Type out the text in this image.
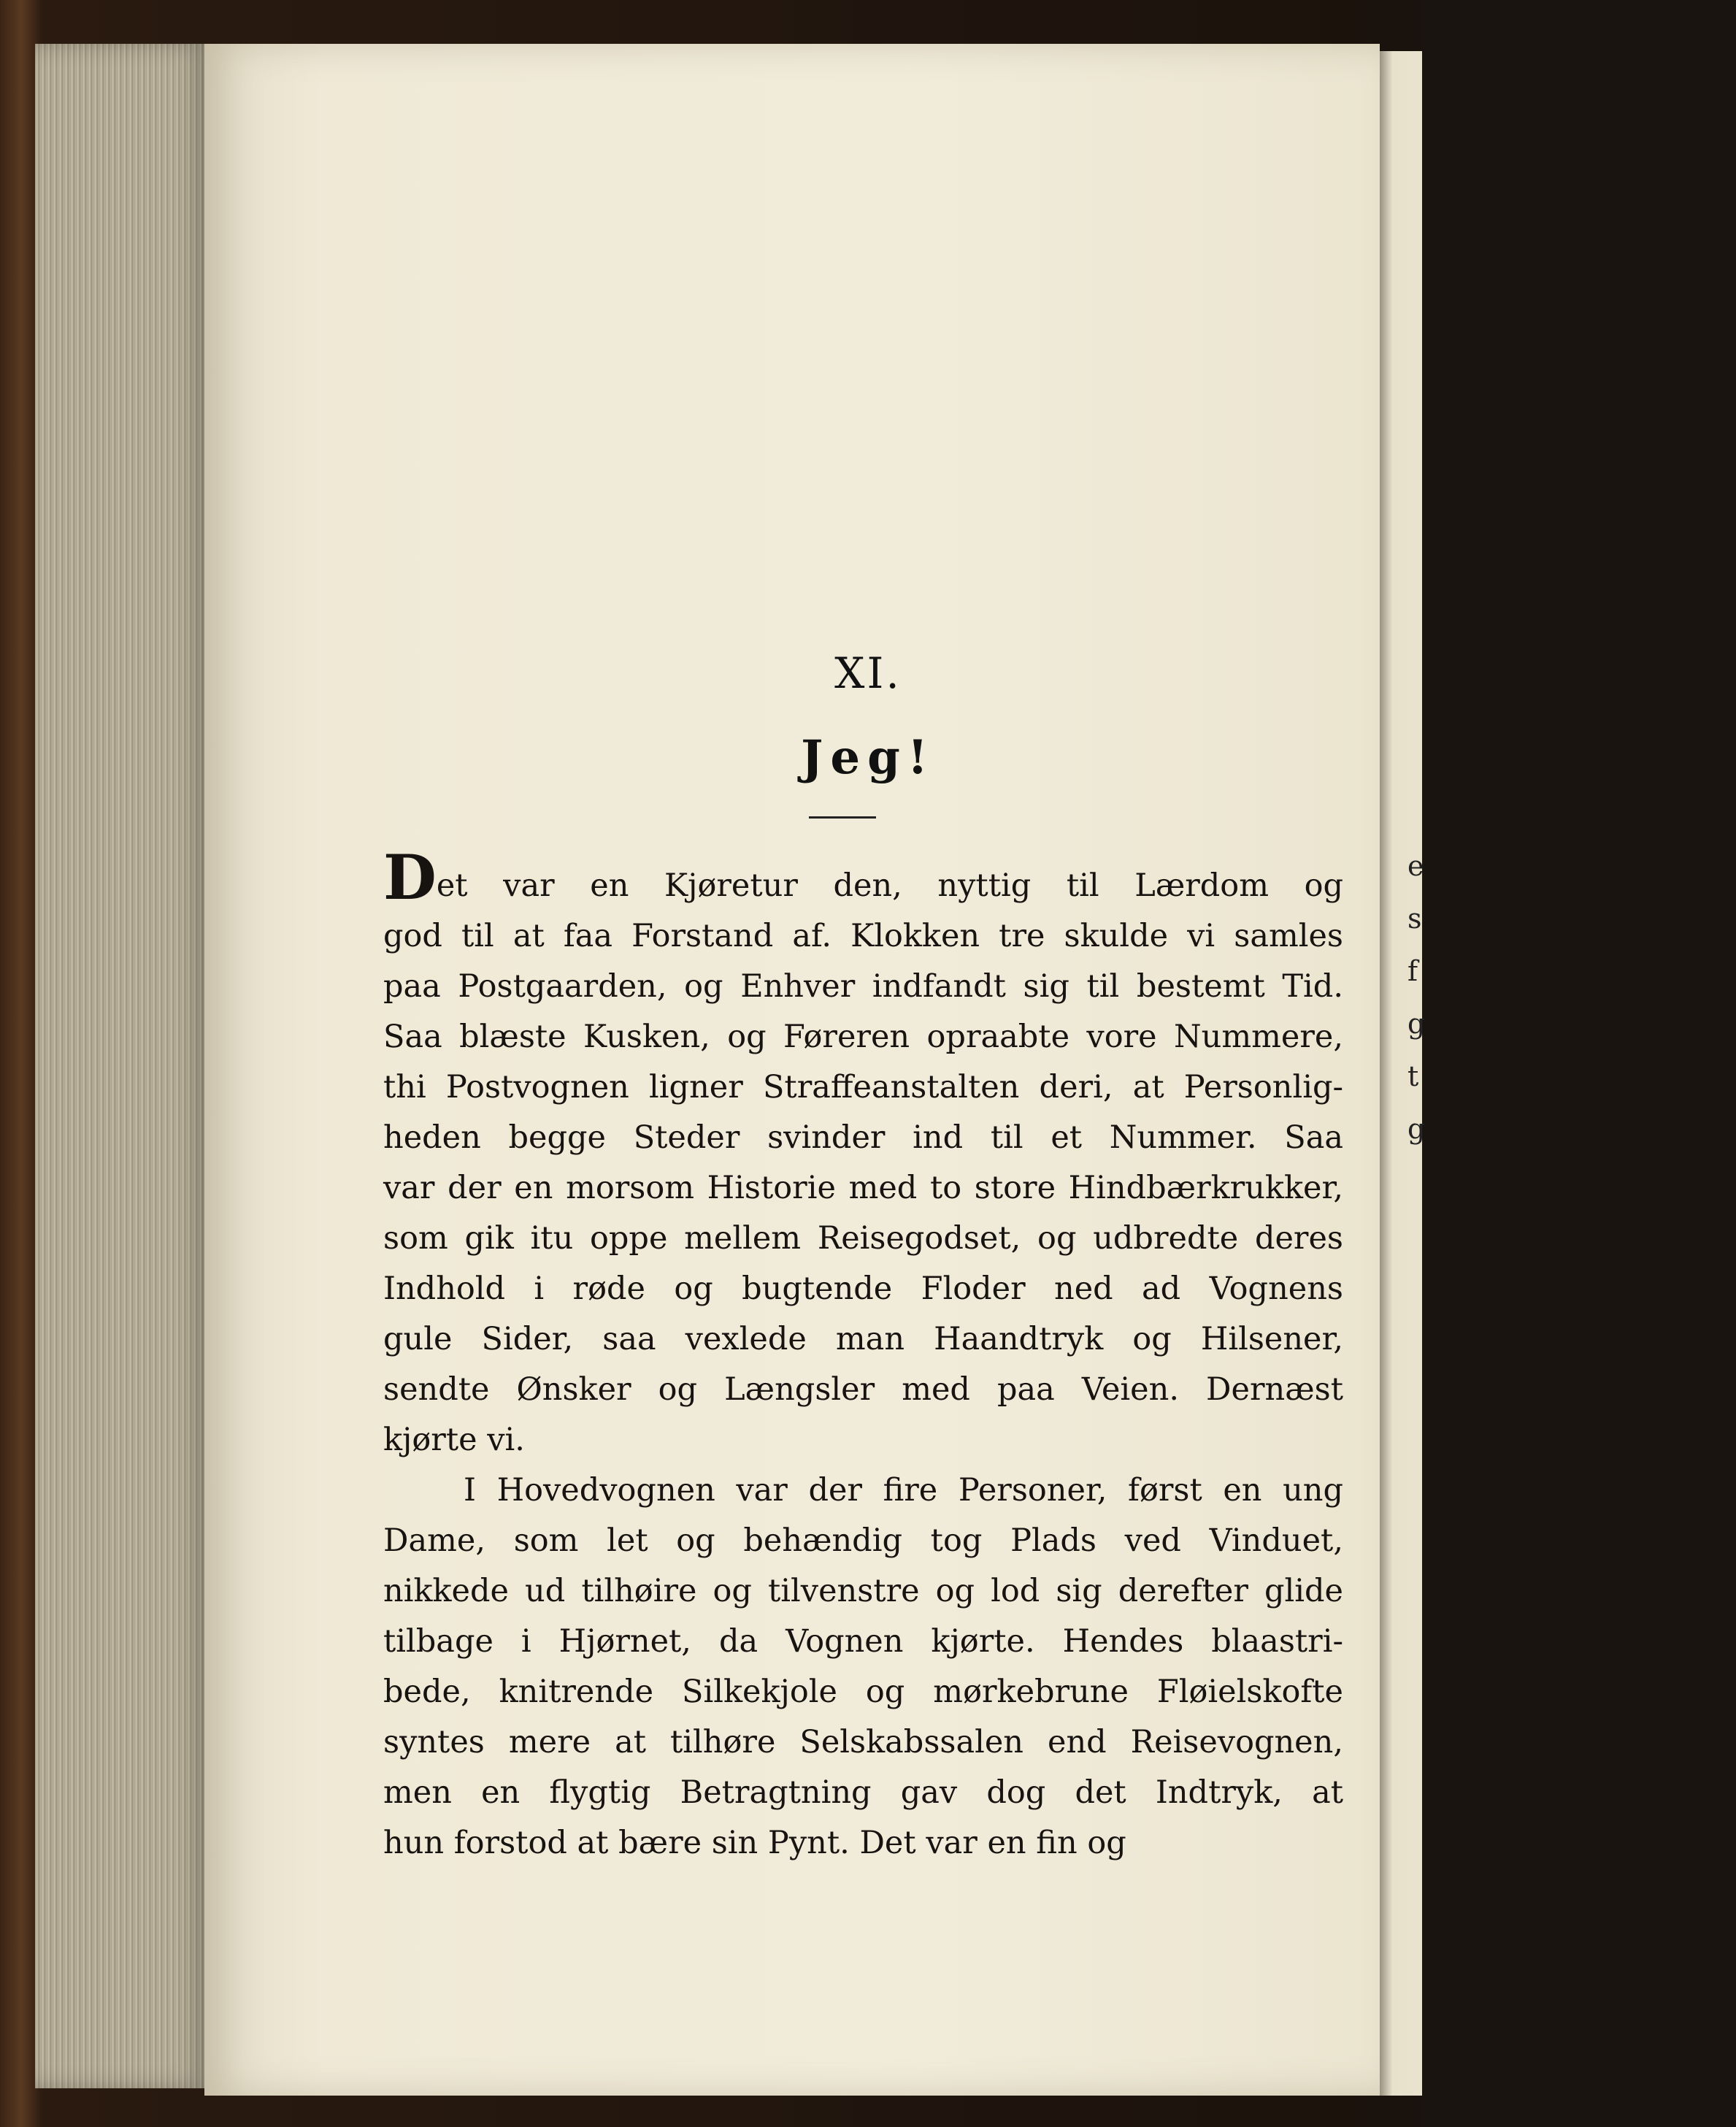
e
s
f
g
t
g
XI.
Jeg!
Det var en Kjøretur den, nyttig til Lærdom og
god til at faa Forstand af. Klokken tre skulde vi samles
paa Postgaarden, og Enhver indfandt sig til bestemt Tid.
Saa blæste Kusken, og Føreren opraabte vore Nummere,
thi Postvognen ligner Straffeanstalten deri, at Personlig-
heden begge Steder svinder ind til et Nummer. Saa
var der en morsom Historie med to store Hindbærkrukker,
som gik itu oppe mellem Reisegodset, og udbredte deres
Indhold i røde og bugtende Floder ned ad Vognens
gule Sider, saa vexlede man Haandtryk og Hilsener,
sendte Ønsker og Længsler med paa Veien. Dernæst
kjørte vi.
I Hovedvognen var der fire Personer, først en ung
Dame, som let og behændig tog Plads ved Vinduet,
nikkede ud tilhøire og tilvenstre og lod sig derefter glide
tilbage i Hjørnet, da Vognen kjørte. Hendes blaastri-
bede, knitrende Silkekjole og mørkebrune Fløielskofte
syntes mere at tilhøre Selskabssalen end Reisevognen,
men en flygtig Betragtning gav dog det Indtryk, at
hun forstod at bære sin Pynt. Det var en fin og
